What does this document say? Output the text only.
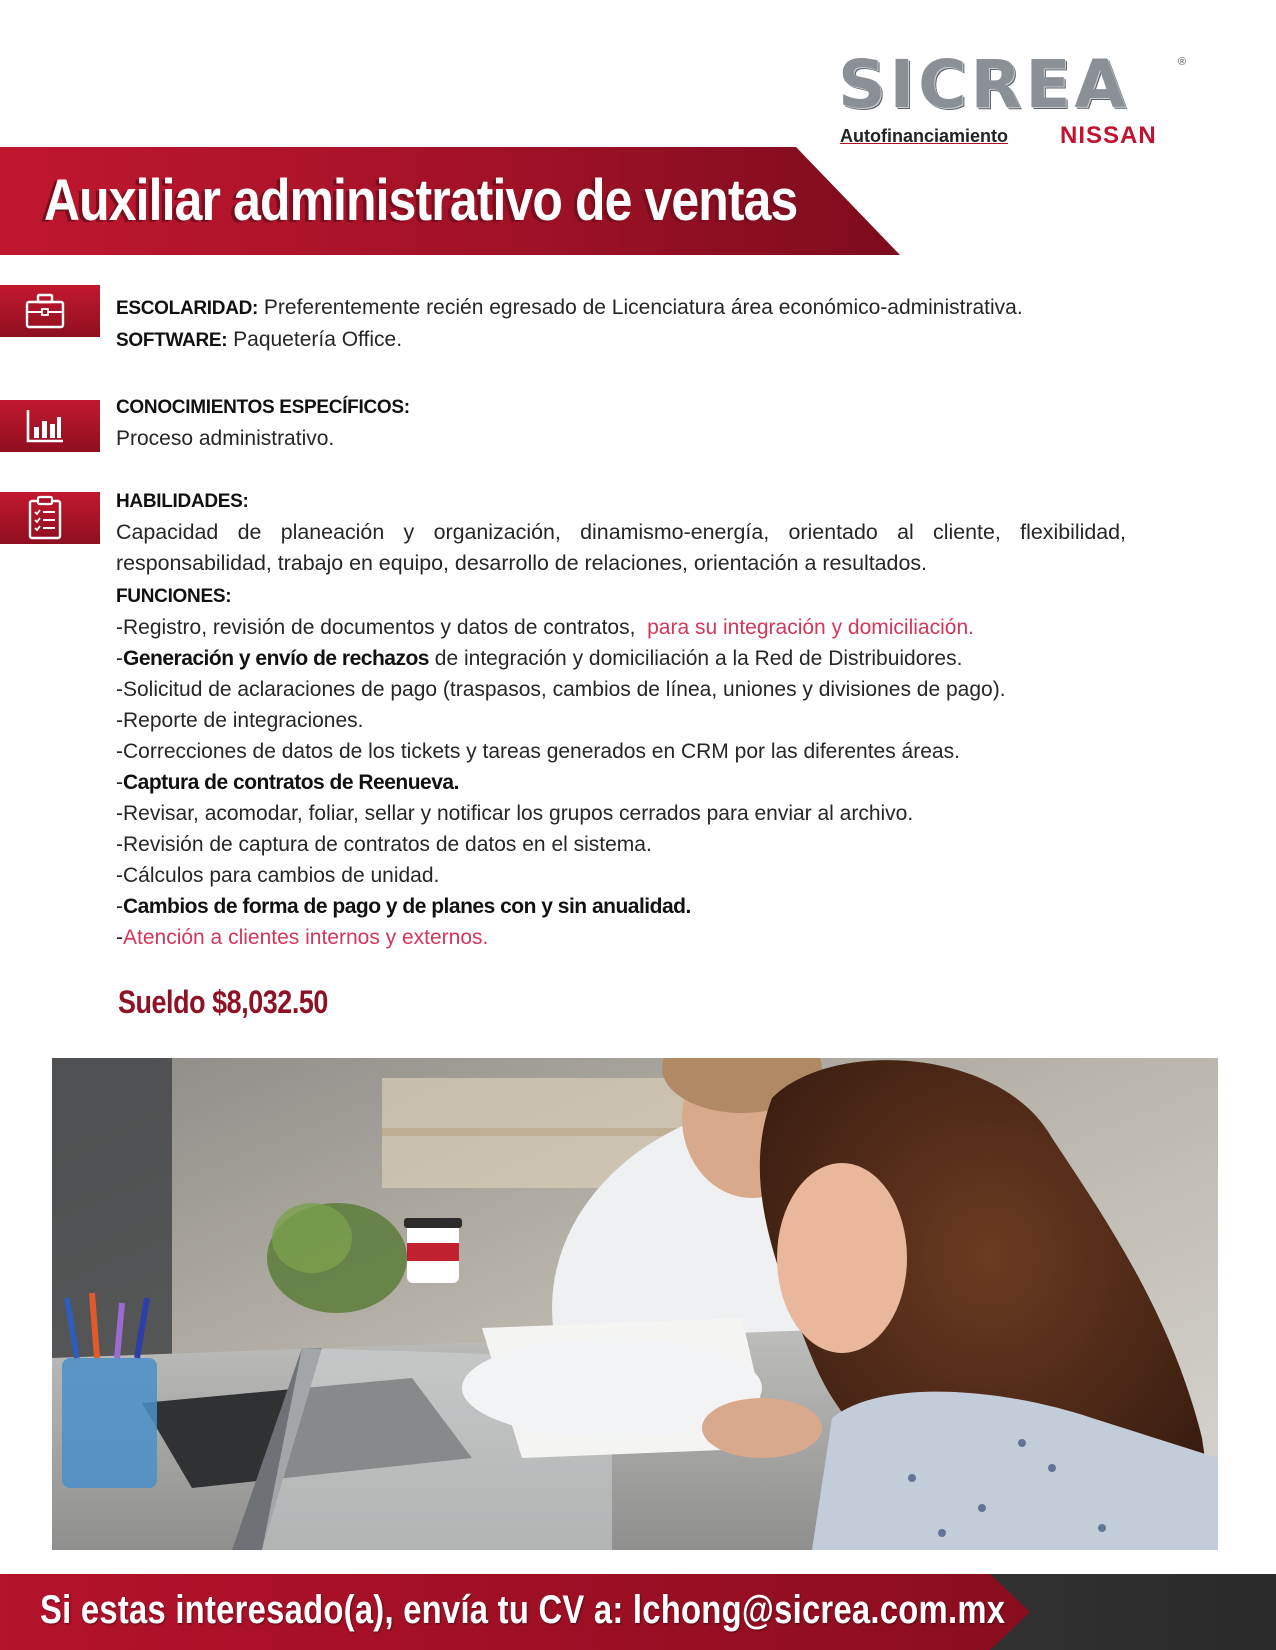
SICREA	®
Autofinanciamiento NISSAN
Auxiliar administrativo de ventas
ESCOLARIDAD: Preferentemente recién egresado de Licenciatura área económico-administrativa.
SOFTWARE: Paquetería Office.
CONOCIMIENTOS ESPECÍFICOS:
Proceso administrativo.
HABILIDADES:
Capacidad de planeación y organización, dinamismo-energía, orientado al cliente, flexibilidad, responsabilidad, trabajo en equipo, desarrollo de relaciones, orientación a resultados.
FUNCIONES:
-Registro, revisión de documentos y datos de contratos, para su integración y domiciliación.
-Generación y envío de rechazos de integración y domiciliación a la Red de Distribuidores.
-Solicitud de aclaraciones de pago (traspasos, cambios de línea, uniones y divisiones de pago).
-Reporte de integraciones.
-Correcciones de datos de los tickets y tareas generados en CRM por las diferentes áreas.
-Captura de contratos de Reenueva.
-Revisar, acomodar, foliar, sellar y notificar los grupos cerrados para enviar al archivo.
-Revisión de captura de contratos de datos en el sistema.
-Cálculos para cambios de unidad.
-Cambios de forma de pago y de planes con y sin anualidad.
-Atención a clientes internos y externos.
Sueldo $8,032.50
Si estas interesado(a), envía tu CV a: lchong@sicrea.com.mx
